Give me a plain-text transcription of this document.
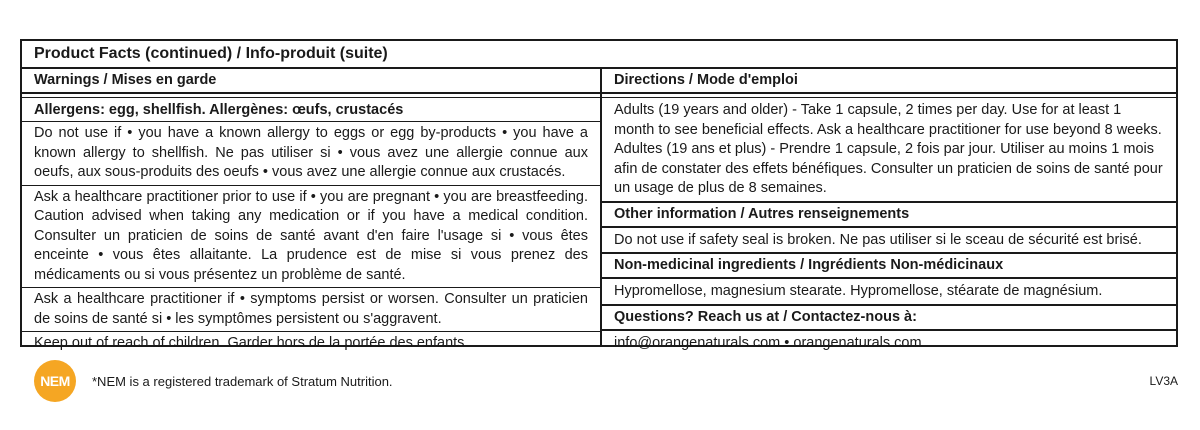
Product Facts (continued) / Info-produit (suite)
Warnings / Mises en garde
Allergens: egg, shellfish. Allergènes: œufs, crustacés
Do not use if • you have a known allergy to eggs or egg by-products • you have a known allergy to shellfish. Ne pas utiliser si • vous avez une allergie connue aux oeufs, aux sous-produits des oeufs • vous avez une allergie connue aux crustacés.
Ask a healthcare practitioner prior to use if • you are pregnant • you are breastfeeding. Caution advised when taking any medication or if you have a medical condition. Consulter un praticien de soins de santé avant d'en faire l'usage si • vous êtes enceinte • vous êtes allaitante. La prudence est de mise si vous prenez des médicaments ou si vous présentez un problème de santé.
Ask a healthcare practitioner if • symptoms persist or worsen. Consulter un praticien de soins de santé si • les symptômes persistent ou s'aggravent.
Keep out of reach of children. Garder hors de la portée des enfants.
Directions / Mode d'emploi
Adults (19 years and older) - Take 1 capsule, 2 times per day. Use for at least 1 month to see beneficial effects. Ask a healthcare practitioner for use beyond 8 weeks. Adultes (19 ans et plus) - Prendre 1 capsule, 2 fois par jour. Utiliser au moins 1 mois afin de constater des effets bénéfiques. Consulter un praticien de soins de santé pour un usage de plus de 8 semaines.
Other information / Autres renseignements
Do not use if safety seal is broken. Ne pas utiliser si le sceau de sécurité est brisé.
Non-medicinal ingredients / Ingrédients Non-médicinaux
Hypromellose, magnesium stearate. Hypromellose, stéarate de magnésium.
Questions? Reach us at / Contactez-nous à:
info@orangenaturals.com • orangenaturals.com
NEM	*NEM is a registered trademark of Stratum Nutrition.	LV3A
